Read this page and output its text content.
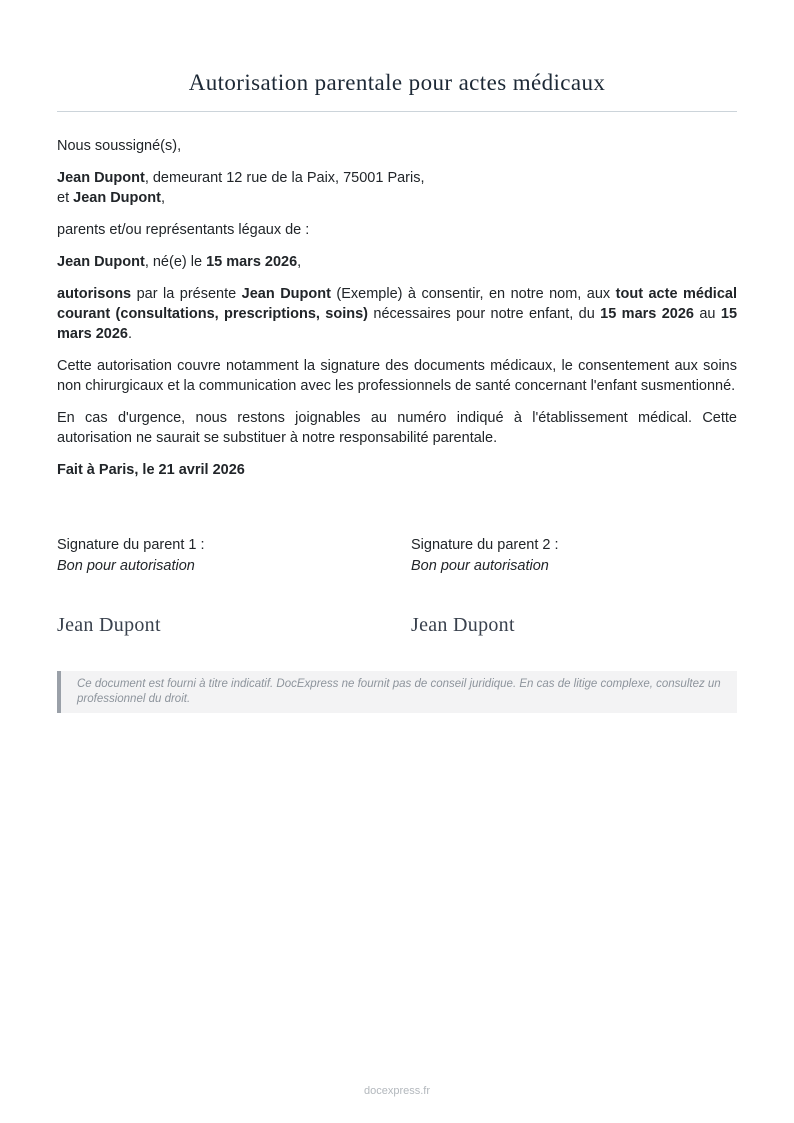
Autorisation parentale pour actes médicaux

Nous soussigné(s),

Jean Dupont, demeurant 12 rue de la Paix, 75001 Paris,
et Jean Dupont,

parents et/ou représentants légaux de :

Jean Dupont, né(e) le 15 mars 2026,

autorisons par la présente Jean Dupont (Exemple) à consentir, en notre nom, aux tout acte médical courant (consultations, prescriptions, soins) nécessaires pour notre enfant, du 15 mars 2026 au 15 mars 2026.

Cette autorisation couvre notamment la signature des documents médicaux, le consentement aux soins non chirurgicaux et la communication avec les professionnels de santé concernant l'enfant susmentionné.

En cas d'urgence, nous restons joignables au numéro indiqué à l'établissement médical. Cette autorisation ne saurait se substituer à notre responsabilité parentale.

Fait à Paris, le 21 avril 2026

Signature du parent 1 :
Bon pour autorisation
Jean Dupont
Signature du parent 2 :
Bon pour autorisation
Jean Dupont
Ce document est fourni à titre indicatif. DocExpress ne fournit pas de conseil juridique. En cas de litige complexe, consultez un professionnel du droit.
docexpress.fr
